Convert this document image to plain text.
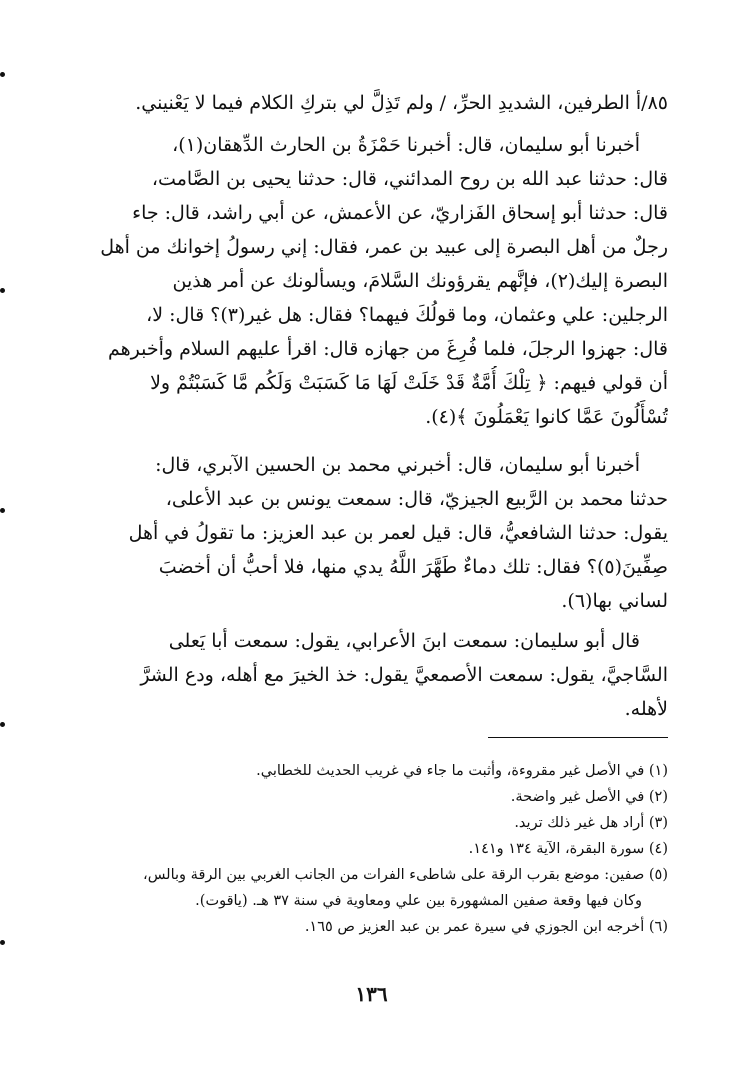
٨٥/أ الطرفين، الشديدِ الحرِّ، / ولم تَذِلَّ لي بتركِ الكلام فيما لا يَعْنيني.
أخبرنا أبو سليمان، قال: أخبرنا حَمْزَةُ بن الحارث الدِّهقان(١)،
قال: حدثنا عبد الله بن روح المدائني، قال: حدثنا يحيى بن الصَّامت،
قال: حدثنا أبو إسحاق الفَزاريّ، عن الأعمش، عن أبي راشد، قال: جاء
رجلٌ من أهل البصرة إلى عبيد بن عمر، فقال: إني رسولُ إخوانك من أهل
البصرة إليك(٢)، فإنَّهم يقرؤونك السَّلامَ، ويسألونك عن أمر هذين
الرجلين: علي وعثمان، وما قولُكَ فيهما؟ فقال: هل غير(٣)؟ قال: لا،
قال: جهزوا الرجلَ، فلما فُرِغَ من جهازه قال: اقرأ عليهم السلام وأخبرهم
أن قولي فيهم: ﴿ تِلْكَ أُمَّةٌ قَدْ خَلَتْ لَهَا مَا كَسَبَتْ وَلَكُم مَّا كَسَبْتُمْ ولا
تُسْأَلُونَ عَمَّا كانوا يَعْمَلُونَ ﴾(٤).
أخبرنا أبو سليمان، قال: أخبرني محمد بن الحسين الآبري، قال:
حدثنا محمد بن الرَّبيع الجيزيّ، قال: سمعت يونس بن عبد الأعلى،
يقول: حدثنا الشافعيُّ، قال: قيل لعمر بن عبد العزيز: ما تقولُ في أهل
صِفِّينَ(٥)؟ فقال: تلك دماءٌ طَهَّرَ اللَّهُ يدي منها، فلا أحبُّ أن أخضبَ
لساني بها(٦).
قال أبو سليمان: سمعت ابنَ الأعرابي، يقول: سمعت أبا يَعلى
السَّاجيَّ، يقول: سمعت الأصمعيَّ يقول: خذ الخيرَ مع أهله، ودع الشرَّ
لأهله.
(١) في الأصل غير مقروءة، وأثبت ما جاء في غريب الحديث للخطابي.
(٢) في الأصل غير واضحة.
(٣) أراد هل غير ذلك تريد.
(٤) سورة البقرة، الآية ١٣٤ و١٤١.
(٥) صفين: موضع بقرب الرقة على شاطىء الفرات من الجانب الغربي بين الرقة وبالس،
وكان فيها وقعة صفين المشهورة بين علي ومعاوية في سنة ٣٧ هـ. (ياقوت).
(٦) أخرجه ابن الجوزي في سيرة عمر بن عبد العزيز ص ١٦٥.
١٣٦
